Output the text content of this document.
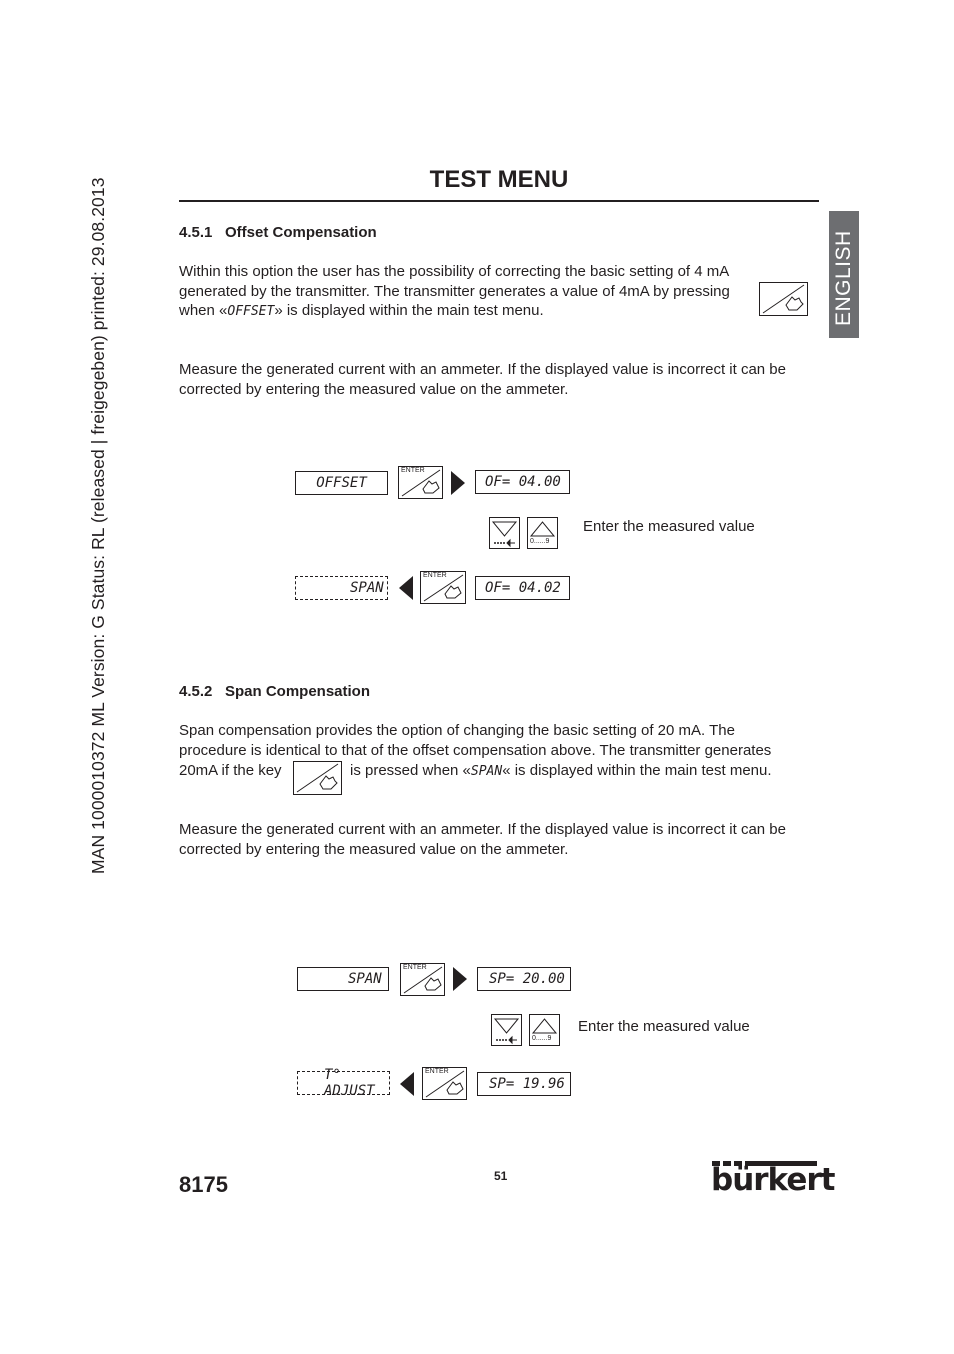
MAN 1000010372 ML Version: G Status: RL (released | freigegeben) printed: 29.08.2013	ENGLISH
TEST MENU
4.5.1 Offset Compensation
Within this option the user has the possibility of correcting the basic setting of 4 mA
generated by the transmitter. The transmitter generates a value of 4mA by pressing
when «OFFSET» is displayed within the main test menu.
Measure the generated current with an ammeter. If the displayed value is incorrect it can be
corrected by entering the measured value on the ammeter.
OFFSET
ENTER
OF= 04.00
0......9
Enter the measured value
SPAN
ENTER
OF= 04.02
4.5.2 Span Compensation
Span compensation provides the option of changing the basic setting of 20 mA. The
procedure is identical to that of the offset compensation above. The transmitter generates
20mA if the key	is pressed when «SPAN« is displayed within the main test menu.
Measure the generated current with an ammeter. If the displayed value is incorrect it can be
corrected by entering the measured value on the ammeter.
SPAN
ENTER
SP= 20.00
0......9
Enter the measured value
T° ADJUST
ENTER
SP= 19.96
8175	51	bürkert
